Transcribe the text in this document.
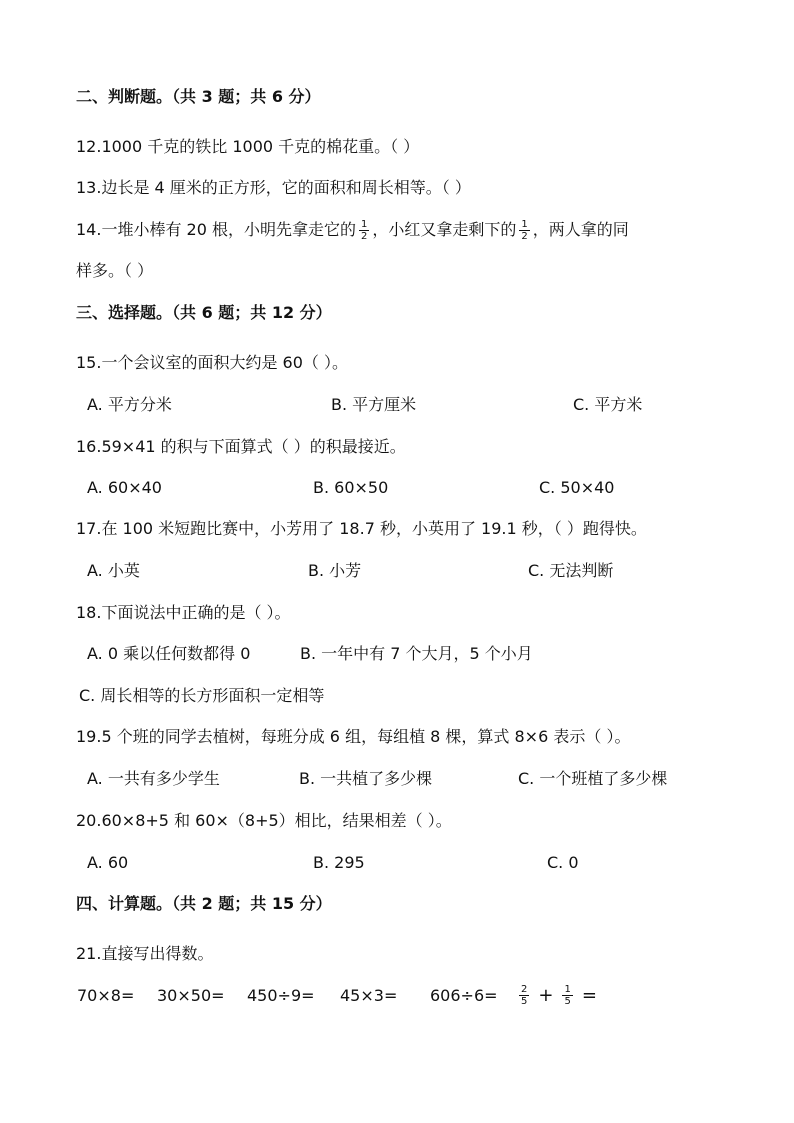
二、判断题。（共 3 题；共 6 分）
12.1000 千克的铁比 1000 千克的棉花重。（ ）
13.边长是 4 厘米的正方形，它的面积和周长相等。（ ）
14.一堆小棒有 20 根，小明先拿走它的 $\frac{1}{2}$ ，小红又拿走剩下的 $\frac{1}{2}$ ，两人拿的同
样多。（ ）
三、选择题。（共 6 题；共 12 分）
15.一个会议室的面积大约是 60（ ）。
A. 平方分米	B. 平方厘米	C. 平方米
16.59×41 的积与下面算式（ ）的积最接近。
A. 60×40	B. 60×50	C. 50×40
17.在 100 米短跑比赛中，小芳用了 18.7 秒，小英用了 19.1 秒，（ ）跑得快。
A. 小英	B. 小芳	C. 无法判断
18.下面说法中正确的是（ ）。
A. 0 乘以任何数都得 0	B. 一年中有 7 个大月，5 个小月
C. 周长相等的长方形面积一定相等
19.5 个班的同学去植树，每班分成 6 组，每组植 8 棵，算式 8×6 表示（ ）。
A. 一共有多少学生	B. 一共植了多少棵	C. 一个班植了多少棵
20.60×8+5 和 60×（8+5）相比，结果相差（ ）。
A. 60	B. 295	C. 0
四、计算题。（共 2 题；共 15 分）
21.直接写出得数。
$70\times 8= 30\times 50= 450\div 9= 45\times 3= 606\div 6= \frac{2}{5} + \frac{1}{5}$ =
